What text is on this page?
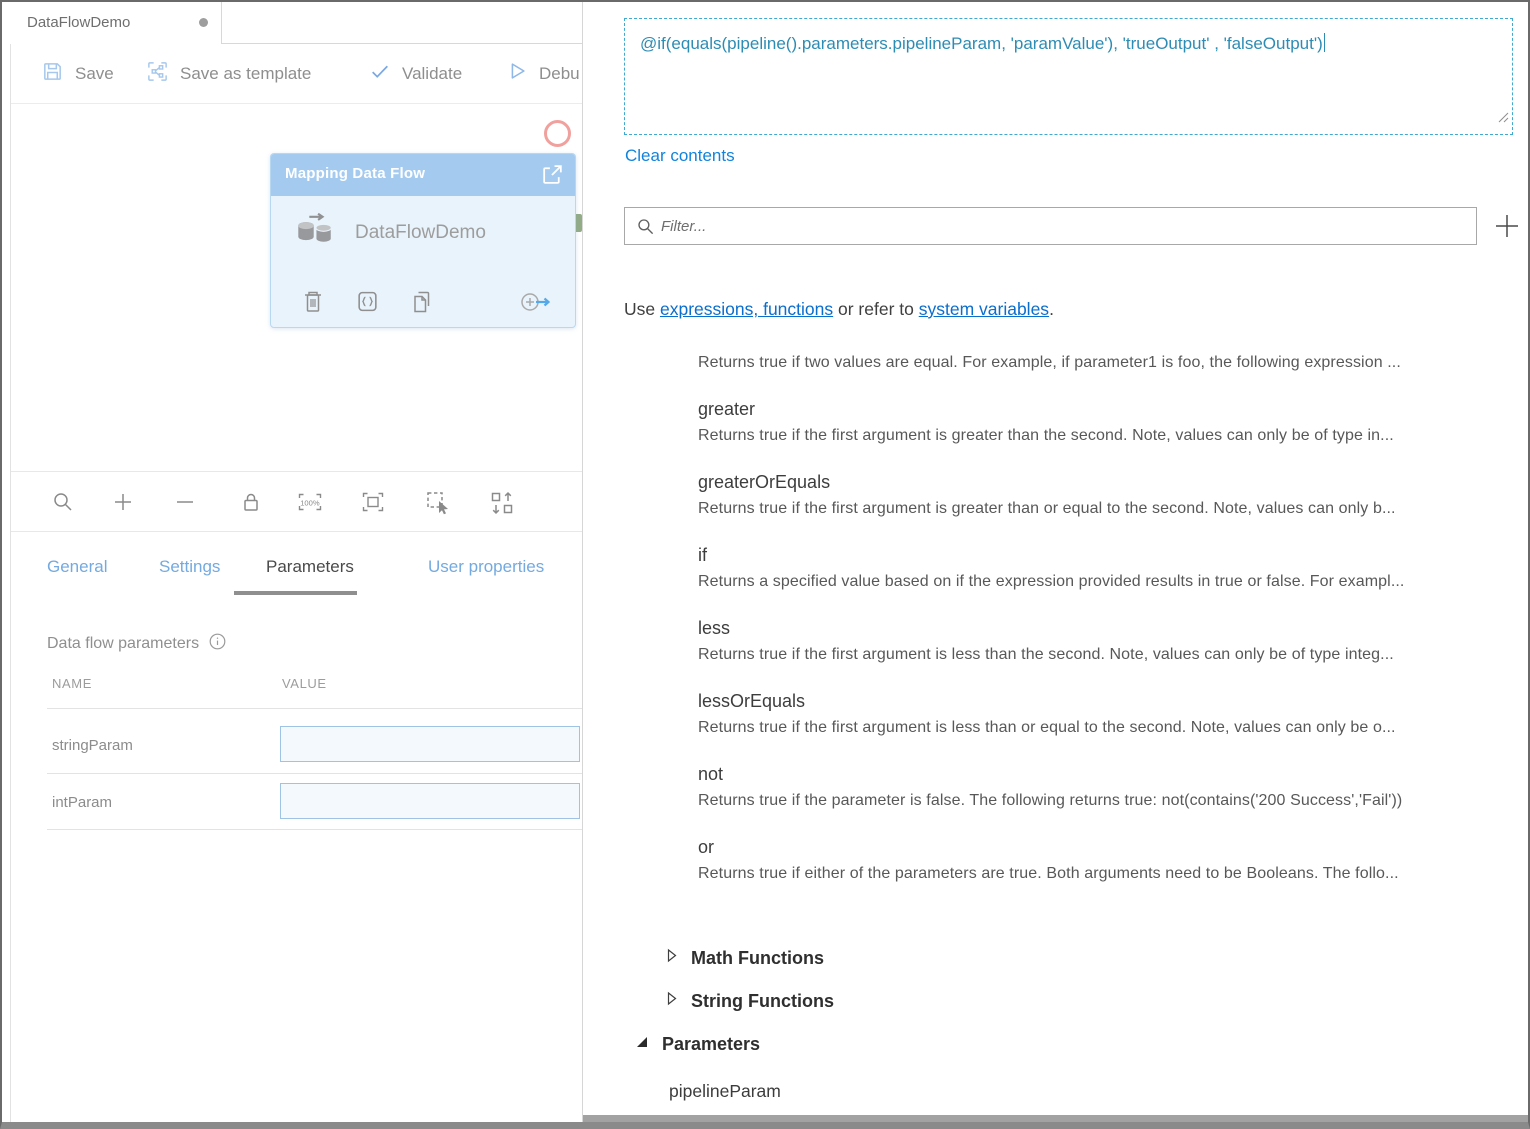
DataFlowDemo
Save	Save as template	Validate	Debu
Mapping Data Flow
DataFlowDemo
100%
General	Settings	Parameters	User properties
Data flow parameters
NAME	VALUE
stringParam
intParam
@if(equals(pipeline().parameters.pipelineParam, 'paramValue'), 'trueOutput' , 'falseOutput')
Clear contents
Filter...
Use expressions, functions or refer to system variables.
Returns true if two values are equal. For example, if parameter1 is foo, the following expression ...
greater
Returns true if the first argument is greater than the second. Note, values can only be of type in...
greaterOrEquals
Returns true if the first argument is greater than or equal to the second. Note, values can only b...
if
Returns a specified value based on if the expression provided results in true or false. For exampl...
less
Returns true if the first argument is less than the second. Note, values can only be of type integ...
lessOrEquals
Returns true if the first argument is less than or equal to the second. Note, values can only be o...
not
Returns true if the parameter is false. The following returns true: not(contains('200 Success','Fail'))
or
Returns true if either of the parameters are true. Both arguments need to be Booleans. The follo...
Math Functions
String Functions
Parameters
pipelineParam
